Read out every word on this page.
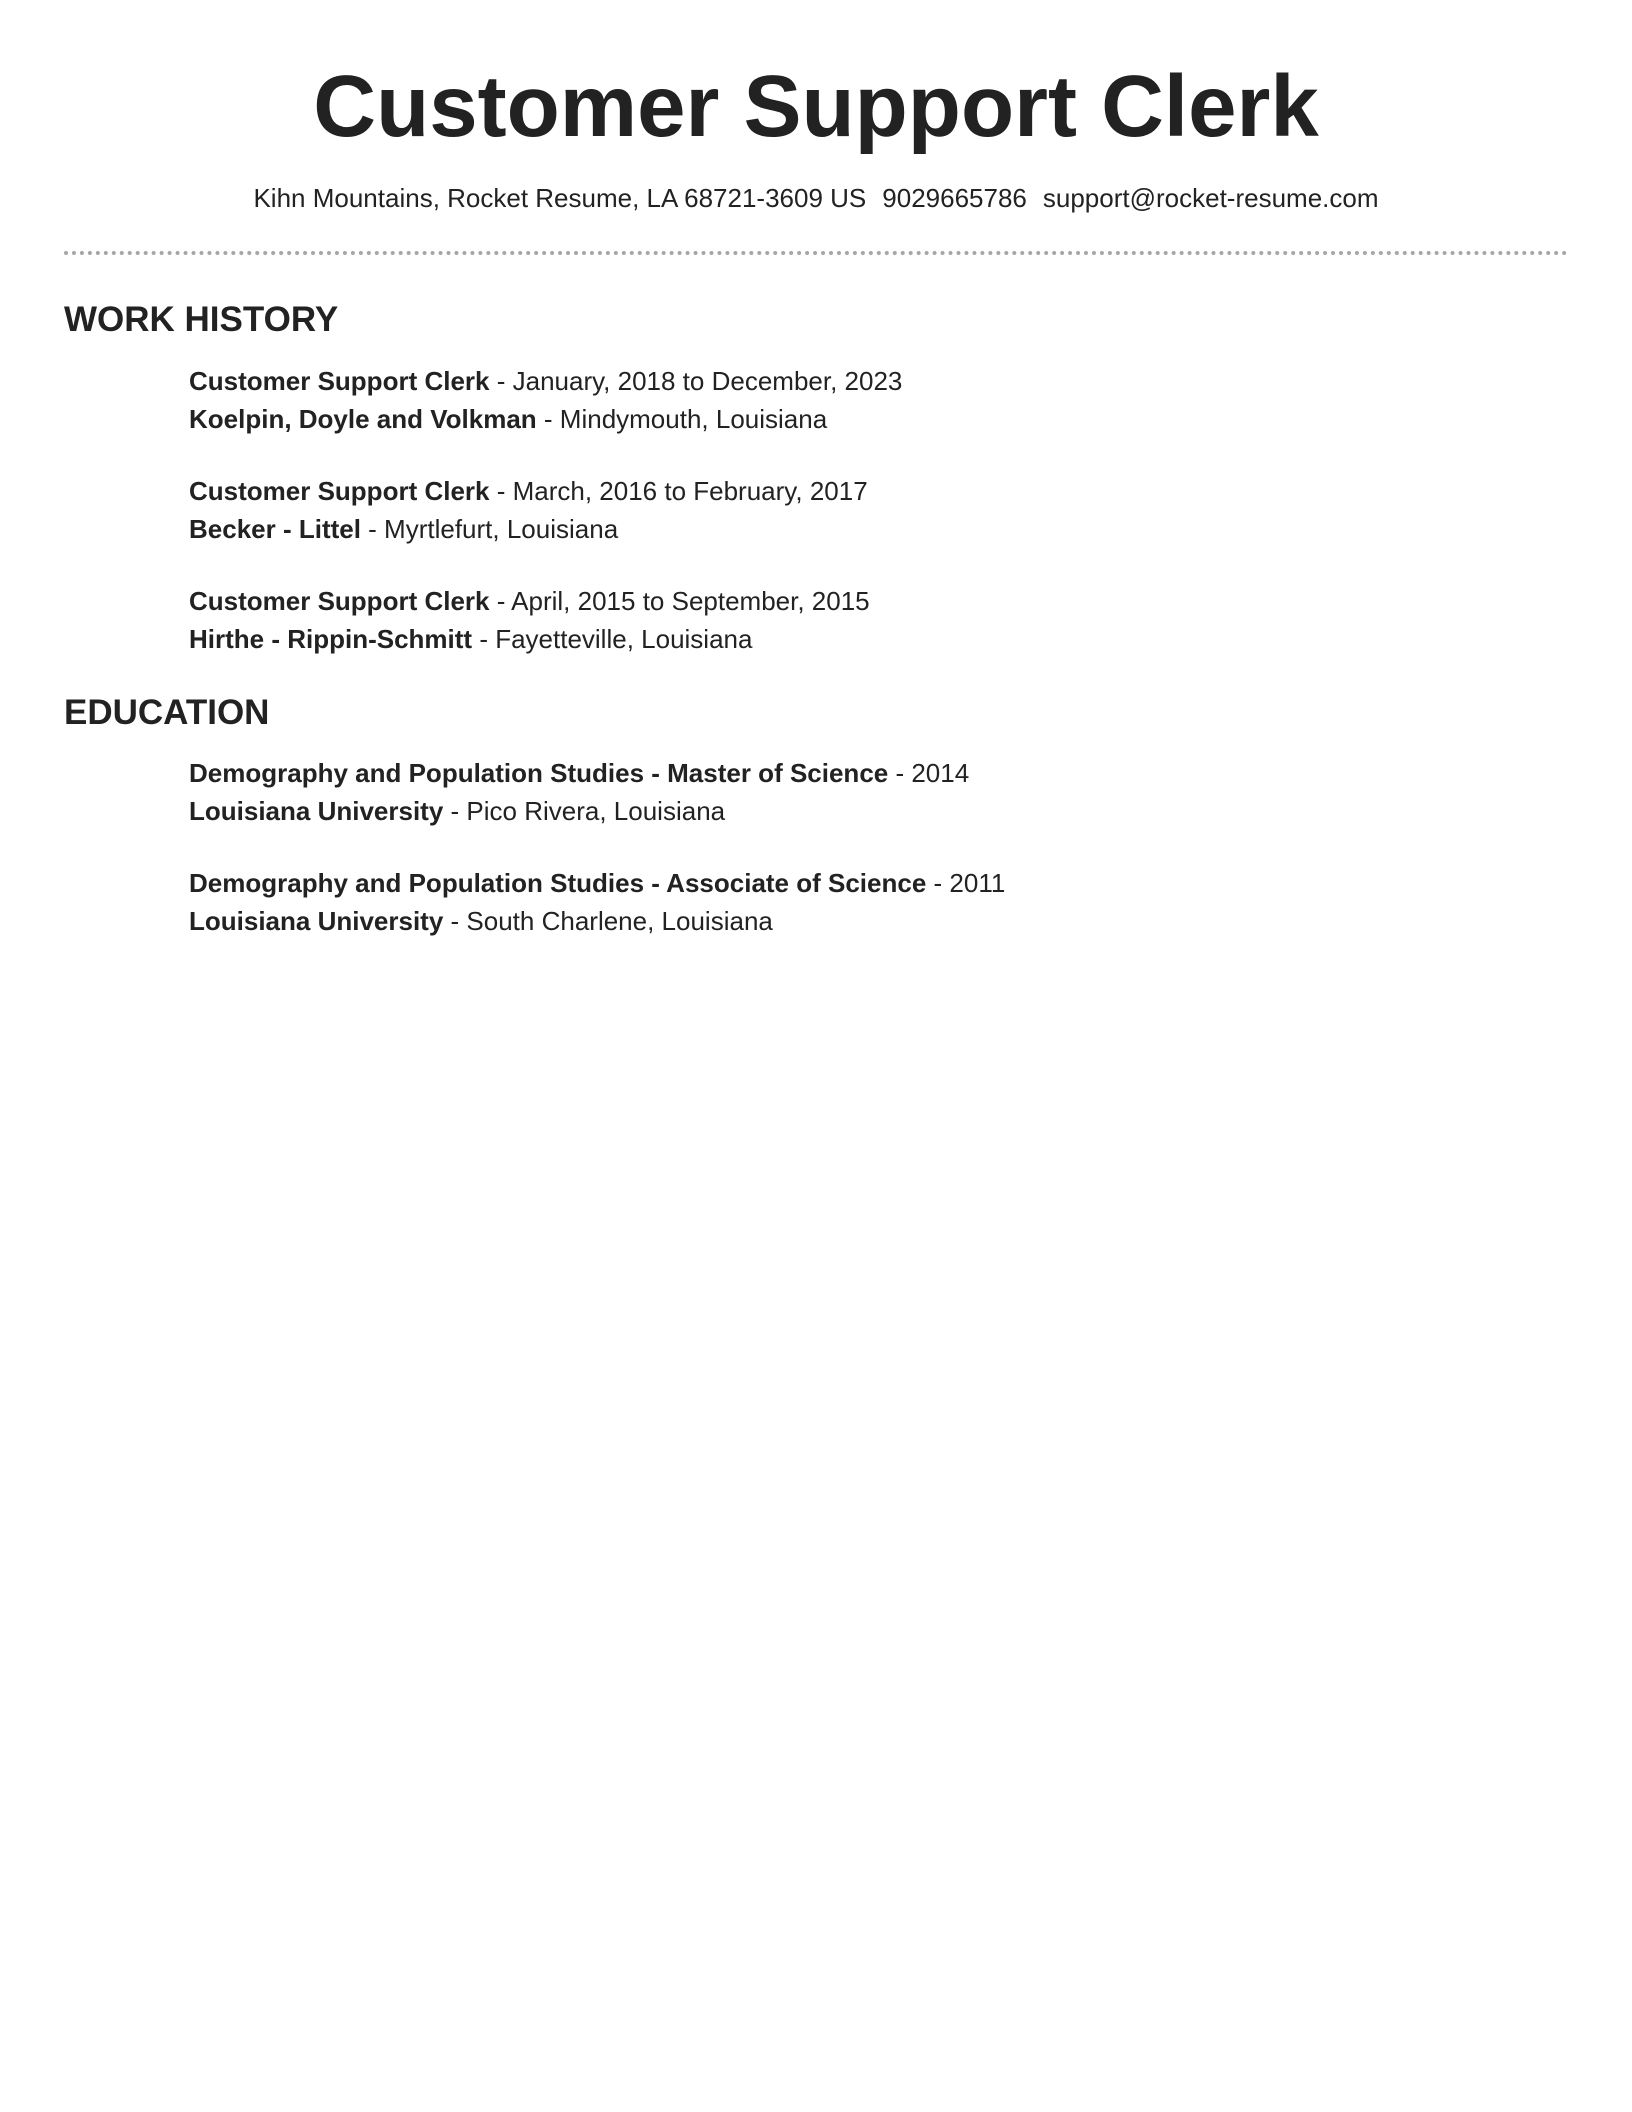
Customer Support Clerk
Kihn Mountains, Rocket Resume, LA 68721-3609 US 9029665786 support@rocket-resume.com
WORK HISTORY
Customer Support Clerk - January, 2018 to December, 2023
Koelpin, Doyle and Volkman - Mindymouth, Louisiana
Customer Support Clerk - March, 2016 to February, 2017
Becker - Littel - Myrtlefurt, Louisiana
Customer Support Clerk - April, 2015 to September, 2015
Hirthe - Rippin-Schmitt - Fayetteville, Louisiana
EDUCATION
Demography and Population Studies - Master of Science - 2014
Louisiana University - Pico Rivera, Louisiana
Demography and Population Studies - Associate of Science - 2011
Louisiana University - South Charlene, Louisiana
